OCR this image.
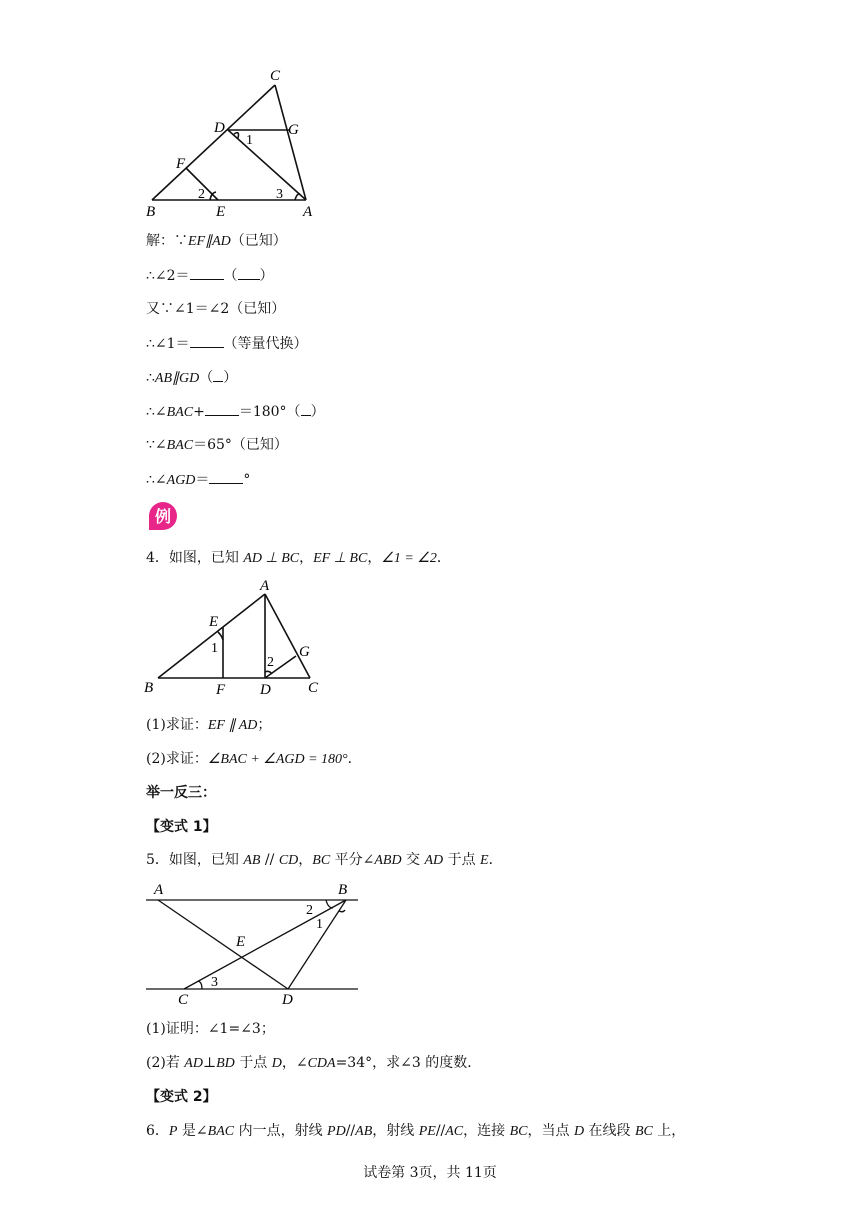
C
D	G
1
F
2	3
B	E	A
解：∵EF∥AD（已知）
∴∠2＝ （ ）
又∵∠1＝∠2（已知）
∴∠1＝ （等量代换）
∴AB∥GD（ ）
∴∠BAC+ ＝180°（ ）
∵∠BAC＝65°（已知）
∴∠AGD＝ °
例
4．如图，已知 AD ⊥ BC，EF ⊥ BC，∠1 = ∠2．
A
E
1	G
2
B	F D C
(1)求证：EF ∥ AD；
(2)求证：∠BAC + ∠AGD = 180°．
举一反三：
【变式 1】
5．如图，已知 AB // CD，BC 平分∠ABD 交 AD 于点 E．
A	B
2
1
E
3
C	D
(1)证明：∠1=∠3；
(2)若 AD⊥BD 于点 D，∠CDA=34°，求∠3 的度数．
【变式 2】
6．P 是∠BAC 内一点，射线 PD//AB，射线 PE//AC，连接 BC，当点 D 在线段 BC 上，
试卷第 3页，共 11页
